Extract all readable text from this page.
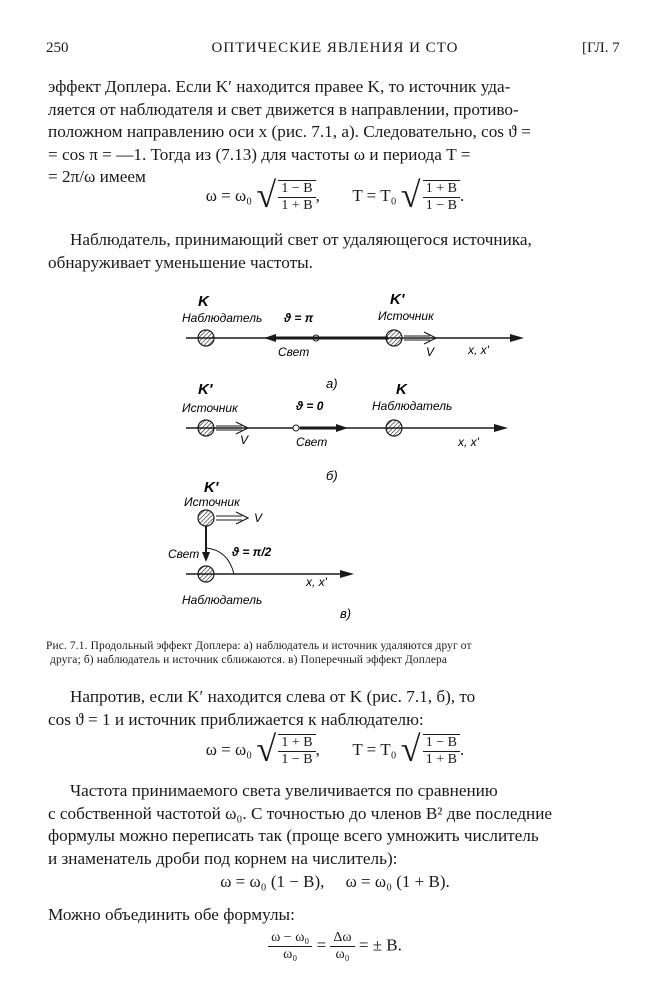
250	ОПТИЧЕСКИЕ ЯВЛЕНИЯ И СТО	[ГЛ. 7
эффект Доплера. Если K′ находится правее K, то источник уда-
ляется от наблюдателя и свет движется в направлении, противо-
положном направлению оси x (рис. 7.1, a). Следовательно, cos ϑ =
= cos π = —1. Тогда из (7.13) для частоты ω и периода T =
= 2π/ω имеем
ω = ω₀ √ $\frac{1 - B}{1 + B}$ , T = T₀ √ $\frac{1 + B}{1 - B}$ .
Наблюдатель, принимающий свет от удаляющегося источника,
обнаруживает уменьшение частоты.
K
Наблюдатель ϑ = π
K'
Источник
Свет	V	x, x'
а)
K'
Источник	ϑ = 0
K
Наблюдатель
V	Свет	x, x'
б)
K'
Источник
V
Свет	ϑ = π/2
x, x'
Наблюдатель
в)
Рис. 7.1. Продольный эффект Доплера: а) наблюдатель и источник удаляются друг от
друга; б) наблюдатель и источник сближаются. в) Поперечный эффект Доплера
Напротив, если K′ находится слева от K (рис. 7.1, б), то
cos ϑ = 1 и источник приближается к наблюдателю:
ω = ω₀ √ $\frac{1 + B}{1 - B}$ , T = T₀ √ $\frac{1 - B}{1 + B}$ .
Частота принимаемого света увеличивается по сравнению
с собственной частотой ω₀. С точностью до членов B² две последние
формулы можно переписать так (проще всего умножить числитель
и знаменатель дроби под корнем на числитель):
ω = ω₀ (1 − B),     ω = ω₀ (1 + B).
Можно объединить обе формулы:
$\frac{\text{ω − ω₀}}{\text{ω₀}} = \frac{\Delta\omega}{\text{ω₀}}$ = ± B.
